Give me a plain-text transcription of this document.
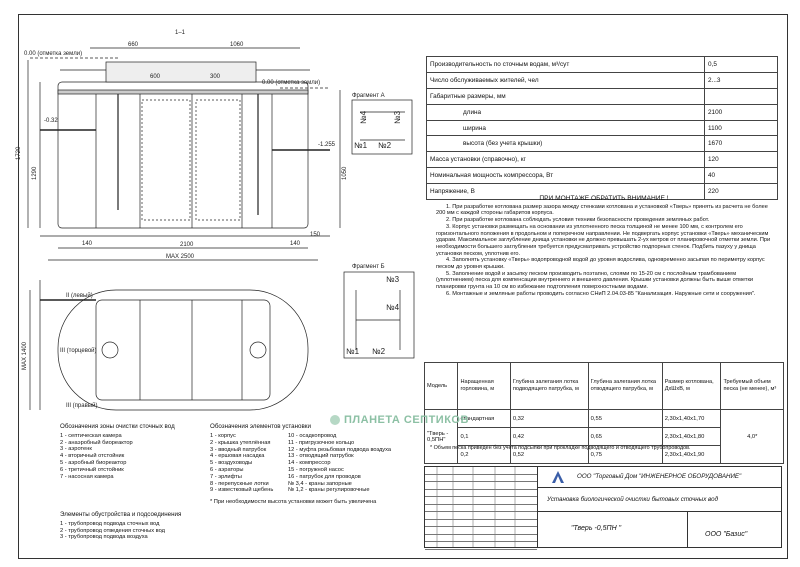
1–1
0.00 (отметка земли)
0.00 (отметка земли)
660	1060
600	300
1720
1290	1050
-1.255
-0.32
140	140
150
2100
MAX 2500
Фрагмент А
Фрагмент Б
II (левый)
III (правый)
III (торцевой)
MAX 1400
№1 №2
№4	№3
№1 №2
№3
№4
Производительность по сточным водам, м³/сут	0,5
Число обслуживаемых жителей, чел	2...3
Габаритные размеры, мм	
длина	2100
ширина	1100
высота (без учета крышки)	1670
Масса установки (справочно), кг	120
Номинальная мощность компрессора, Вт	40
Напряжение, В	220
ПРИ МОНТАЖЕ ОБРАТИТЬ ВНИМАНИЕ !

1. При разработке котлована размер зазора между стенками котлована и установкой «Тверь» принять из расчета не более 200 мм с каждой стороны габаритов корпуса.

2. При разработке котлована соблюдать условия техники безопасности проведения земляных работ.

3. Корпус установки размещать на основании из уплотненного песка толщиной не менее 100 мм, с контролем его горизонтального положения в продольном и поперечном направлении. Не подвергать корпус установки «Тверь» механическим ударам. Максимальное заглубление днища установки не должно превышать 2-ух метров от планировочной отметки земли. При необходимости большего заглубления требуется предусматривать устройство подпорных стенок. Подбить пазуху у днища установки песком, уплотнив его.

4. Заполнять установку «Тверь» водопроводной водой до уровня водослива, одновременно засыпая по периметру корпус песком до уровня крышки.

5. Заполнение водой и засыпку песком производить поэтапно, слоями по 15-20 см с послойным трамбованием (уплотнением) песка для компенсации внутреннего и внешнего давления. Крышки установки должны быть выше отметки планировки грунта на 10 см во избежание подтопления поверхностными водами.

6. Монтажные и земляные работы проводить согласно СНиП 2.04.03-85 "Канализация. Наружные сети и сооружения".

Модель	Наращенная горловина, м	Глубина залегания лотка подводящего патрубка, м	Глубина залегания лотка отводящего патрубка, м	Размер котлована, ДхШхВ, м	Требуемый объем песка (не менее), м³
"Тверь - 0,5ПН"	стандартная	0,32	0,55	2,30х1,40х1,70	4,0*
	0,1	0,42	0,65	2,30х1,40х1,80	
	0,2	0,52	0,75	2,30х1,40х1,90	
* Объем песка приведен без учета подсыпки при прокладке подводящего и отводящего трубопроводов.
Обозначения зоны очистки сточных вод
1 - септическая камера
2 - анаэробный биореактор
3 - аэротенк
4 - вторичный отстойник
5 - аэробный биореактор
6 - третичный отстойник
7 - насосная камера
Элементы обустройства и подсоединения
1 - трубопровод подвода сточных вод
2 - трубопровод отведения сточных вод
3 - трубопровод подвода воздуха
Обозначения элементов установки
1 - корпус
2 - крышка утеплённая
3 - вводный патрубок
4 - ершовая насадка
5 - воздуховоды
6 - аэраторы
7 - эрлифты
8 - перепускные лотки
9 - известковый щебень
10 - осадкопровод
11 - пригрузочное кольцо
12 - муфта резьбовая подвода воздуха
13 - отводящий патрубок
14 - компрессор
15 - погружной насос
16 - патрубок для проводов
№ 3,4 - краны запорные
№ 1,2 - краны регулировочные
* При необходимости высота установки может быть увеличена
ПЛАНЕТА СЕПТИКОВ
ООО "Торговый Дом "ИНЖЕНЕРНОЕ ОБОРУДОВАНИЕ"
Установка биологической очистки бытовых сточных вод
"Тверь -0,5ПН "
ООО "Базис"
